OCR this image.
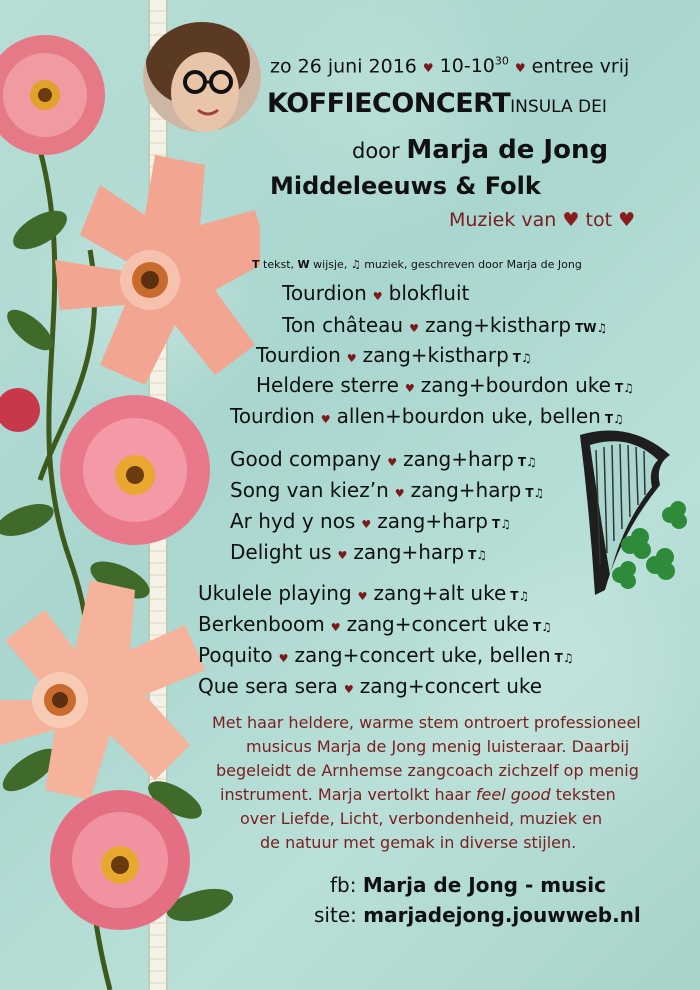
zo 26 juni 2016 ♥ $10-10^{30}$ ♥ entree vrij
KOFFIECONCERTINSULA DEI
door Marja de Jong
Middeleeuws & Folk
Muziek van ♥ tot ♥
T tekst, W wijsje, ♫ muziek, geschreven door Marja de Jong
Tourdion ♥ blokfluit
Ton château ♥ zang+kistharp TW♫
Tourdion ♥ zang+kistharp T♫
Heldere sterre ♥ zang+bourdon uke T♫
Tourdion ♥ allen+bourdon uke, bellen T♫
Good company ♥ zang+harp T♫
Song van kiez’n ♥ zang+harp T♫
Ar hyd y nos ♥ zang+harp T♫
Delight us ♥ zang+harp T♫
Ukulele playing ♥ zang+alt uke T♫
Berkenboom ♥ zang+concert uke T♫
Poquito ♥ zang+concert uke, bellen T♫
Que sera sera ♥ zang+concert uke
Met haar heldere, warme stem ontroert professioneel
musicus Marja de Jong menig luisteraar. Daarbij
begeleidt de Arnhemse zangcoach zichzelf op menig
instrument. Marja vertolkt haar feel good teksten
over Liefde, Licht, verbondenheid, muziek en
de natuur met gemak in diverse stijlen.
fb: Marja de Jong - music
site: marjadejong.jouwweb.nl
